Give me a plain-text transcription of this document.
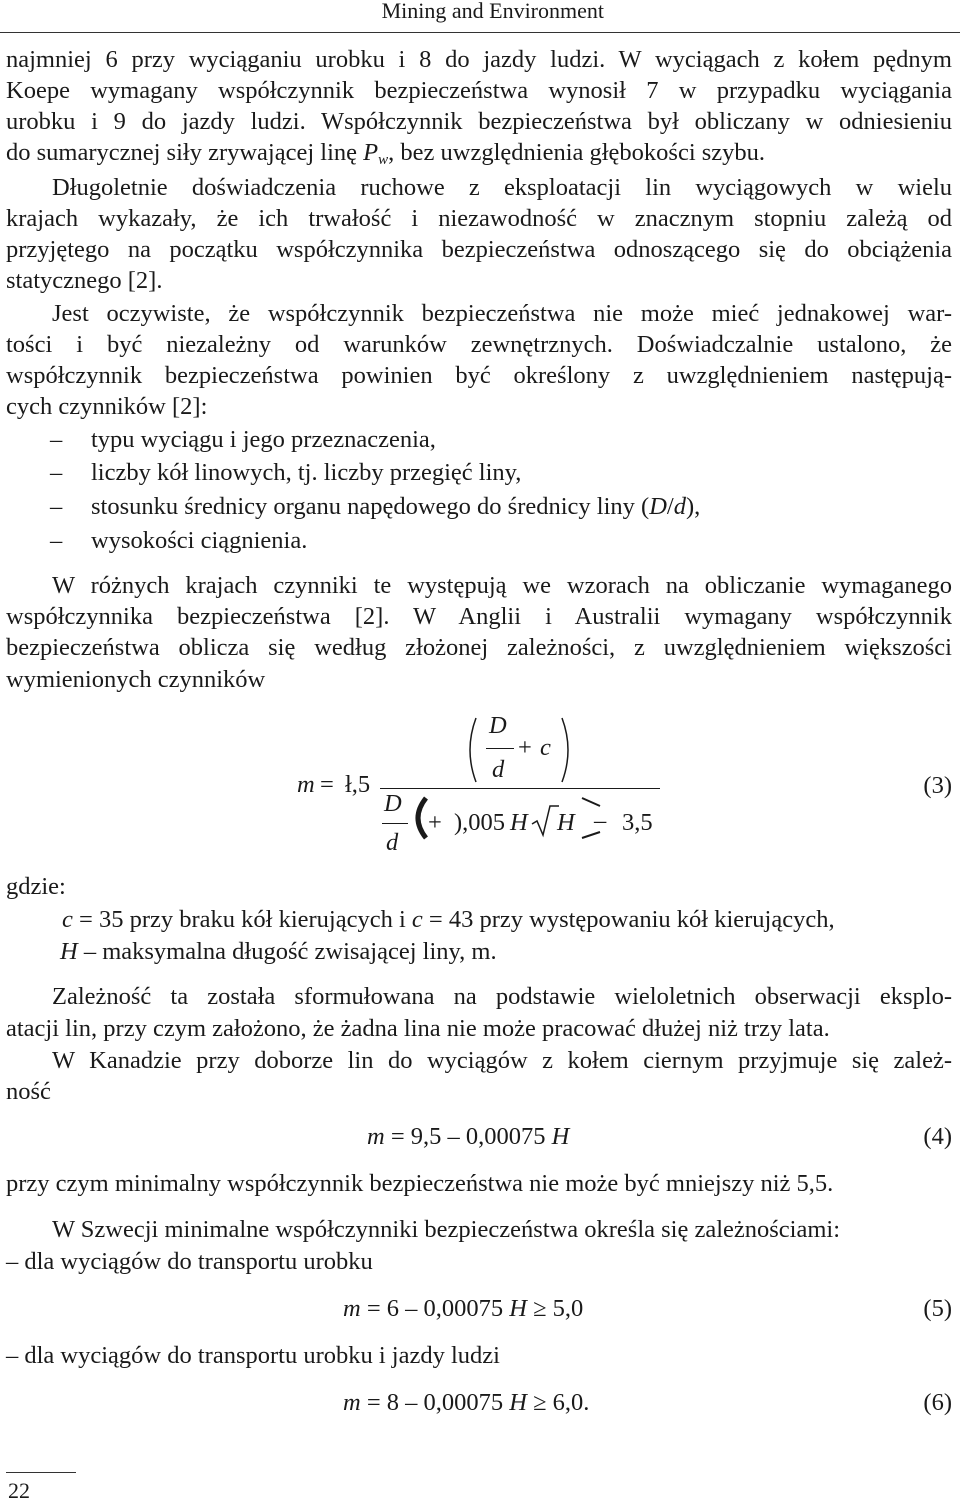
Mining and Environment
najmniej 6 przy wyciąganiu urobku i 8 do jazdy ludzi. W wyciągach z kołem pędnym
Koepe wymagany współczynnik bezpieczeństwa wynosił 7 w przypadku wyciągania
urobku i 9 do jazdy ludzi. Współczynnik bezpieczeństwa był obliczany w odniesieniu
do sumarycznej siły zrywającej linę $P_w$, bez uwzględnienia głębokości szybu.
Długoletnie doświadczenia ruchowe z eksploatacji lin wyciągowych w wielu
krajach wykazały, że ich trwałość i niezawodność w znacznym stopniu zależą od
przyjętego na początku współczynnika bezpieczeństwa odnoszącego się do obciążenia
statycznego [2].
Jest oczywiste, że współczynnik bezpieczeństwa nie może mieć jednakowej war-
tości i być niezależny od warunków zewnętrznych. Doświadczalnie ustalono, że
współczynnik bezpieczeństwa powinien być określony z uwzględnieniem następują-
cych czynników [2]:
– typu wyciągu i jego przeznaczenia,
– liczby kół linowych, tj. liczby przegięć liny,
– stosunku średnicy organu napędowego do średnicy liny (D/d),
– wysokości ciągnienia.
W różnych krajach czynniki te występują we wzorach na obliczanie wymaganego
współczynnika bezpieczeństwa [2]. W Anglii i Australii wymagany współczynnik
bezpieczeństwa oblicza się według złożonej zależności, z uwzględnieniem większości
wymienionych czynników
D
d
+ c
m = ł,5
D
d
+ ),005 H H – 3,5
(3)
gdzie:
c = 35 przy braku kół kierujących i c = 43 przy występowaniu kół kierujących,
H – maksymalna długość zwisającej liny, m.
Zależność ta została sformułowana na podstawie wieloletnich obserwacji eksplo-
atacji lin, przy czym założono, że żadna lina nie może pracować dłużej niż trzy lata.
W Kanadzie przy doborze lin do wyciągów z kołem ciernym przyjmuje się zależ-
ność
m = 9,5 – 0,00075 H	(4)
przy czym minimalny współczynnik bezpieczeństwa nie może być mniejszy niż 5,5.
W Szwecji minimalne współczynniki bezpieczeństwa określa się zależnościami:
– dla wyciągów do transportu urobku
m = 6 – 0,00075 H ≥ 5,0	(5)
– dla wyciągów do transportu urobku i jazdy ludzi
m = 8 – 0,00075 H ≥ 6,0.	(6)
22
